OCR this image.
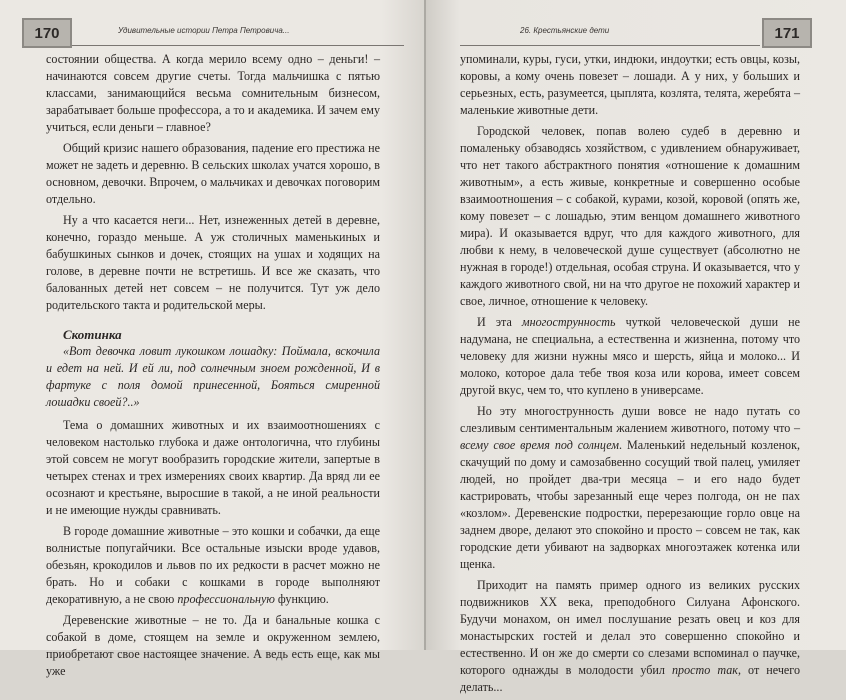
170	Удивительные истории Петра Петровича...

состоянии общества. А когда мерило всему одно – деньги! – начинаются совсем другие счеты. Тогда мальчишка с пятью классами, занимающийся весьма сомнительным бизнесом, зарабатывает больше профессора, а то и академика. И зачем ему учиться, если деньги – главное?

Общий кризис нашего образования, падение его престижа не может не задеть и деревню. В сельских школах учатся хорошо, в основном, девочки. Впрочем, о мальчиках и девочках поговорим отдельно.

Ну а что касается неги... Нет, изнеженных детей в деревне, конечно, гораздо меньше. А уж столичных маменькиных и бабушкиных сынков и дочек, стоящих на ушах и ходящих на голове, в деревне почти не встретишь. И все же сказать, что балованных детей нет совсем – не получится. Тут уж дело родительского такта и родительской меры.

Скотинка

«Вот девочка ловит лукошком лошадку: Поймала, вскочила и едет на ней. И ей ли, под солнечным зноем рожденной, И в фартуке с поля домой принесенной, Бояться смиренной лошадки своей?..»

Тема о домашних животных и их взаимоотношениях с человеком настолько глубока и даже онтологична, что глубины этой совсем не могут вообразить городские жители, запертые в четырех стенах и трех измерениях своих квартир. Да вряд ли ее осознают и крестьяне, выросшие в такой, а не иной реальности и не имеющие нужды сравнивать.

В городе домашние животные – это кошки и собачки, да еще волнистые попугайчики. Все остальные изыски вроде удавов, обезьян, крокодилов и львов по их редкости в расчет можно не брать. Но и собаки с кошками в городе выполняют декоративную, а не свою профессиональную функцию.

Деревенские животные – не то. Да и банальные кошка с собакой в доме, стоящем на земле и окруженном землею, приобретают свое настоящее значение. А ведь есть еще, как мы уже

26. Крестьянские дети	171

упоминали, куры, гуси, утки, индюки, индоутки; есть овцы, козы, коровы, а кому очень повезет – лошади. А у них, у больших и серьезных, есть, разумеется, цыплята, козлята, телята, жеребята – маленькие животные дети.

Городской человек, попав волею судеб в деревню и помаленьку обзаводясь хозяйством, с удивлением обнаруживает, что нет такого абстрактного понятия «отношение к домашним животным», а есть живые, конкретные и совершенно особые взаимоотношения – с собакой, курами, козой, коровой (опять же, кому повезет – с лошадью, этим венцом домашнего животного мира). И оказывается вдруг, что для каждого животного, для любви к нему, в человеческой душе существует (абсолютно не нужная в городе!) отдельная, особая струна. И оказывается, что у каждого животного свой, ни на что другое не похожий характер и свое, личное, отношение к человеку.

И эта многострунность чуткой человеческой души не надумана, не специальна, а естественна и жизненна, потому что человеку для жизни нужны мясо и шерсть, яйца и молоко... И молоко, которое дала тебе твоя коза или корова, имеет совсем другой вкус, чем то, что куплено в универсаме.

Но эту многострунность души вовсе не надо путать со слезливым сентиментальным жалением животного, потому что – всему свое время под солнцем. Маленький недельный козленок, скачущий по дому и самозабвенно сосущий твой палец, умиляет людей, но пройдет два-три месяца – и его надо будет кастрировать, чтобы зарезанный еще через полгода, он не пах «козлом». Деревенские подростки, перерезающие горло овце на заднем дворе, делают это спокойно и просто – совсем не так, как городские дети убивают на задворках многоэтажек котенка или щенка.

Приходит на память пример одного из великих русских подвижников XX века, преподобного Силуана Афонского. Будучи монахом, он имел послушание резать овец и коз для монастырских гостей и делал это совершенно спокойно и естественно. И он же до смерти со слезами вспоминал о паучке, которого однажды в молодости убил просто так, от нечего делать...
